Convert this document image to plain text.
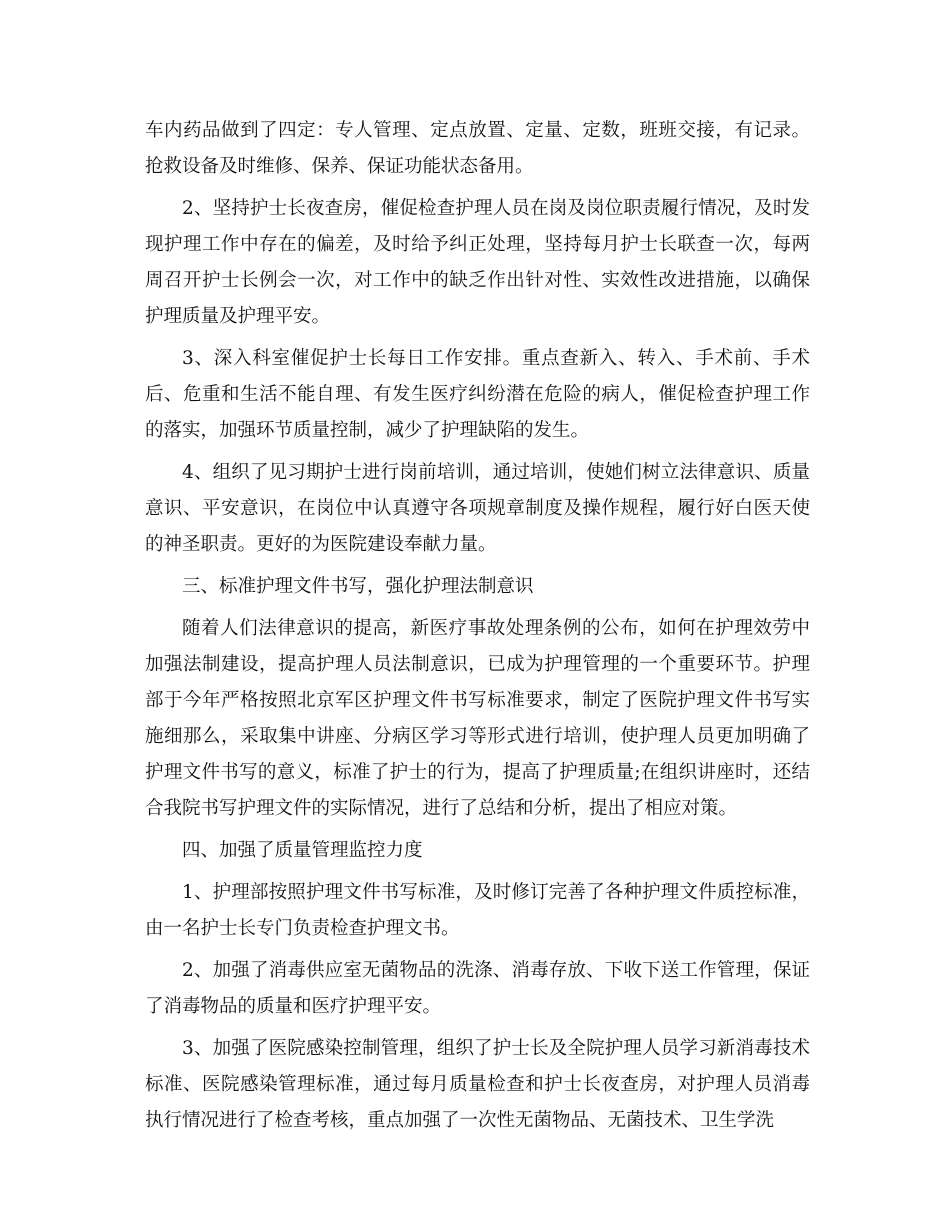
车内药品做到了四定：专人管理、定点放置、定量、定数，班班交接，有记录。抢救设备及时维修、保养、保证功能状态备用。

2、坚持护士长夜查房，催促检查护理人员在岗及岗位职责履行情况，及时发现护理工作中存在的偏差，及时给予纠正处理，坚持每月护士长联查一次，每两周召开护士长例会一次，对工作中的缺乏作出针对性、实效性改进措施，以确保护理质量及护理平安。

3、深入科室催促护士长每日工作安排。重点查新入、转入、手术前、手术后、危重和生活不能自理、有发生医疗纠纷潜在危险的病人，催促检查护理工作的落实，加强环节质量控制，减少了护理缺陷的发生。

4、组织了见习期护士进行岗前培训，通过培训，使她们树立法律意识、质量意识、平安意识，在岗位中认真遵守各项规章制度及操作规程，履行好白医天使的神圣职责。更好的为医院建设奉献力量。

三、标准护理文件书写，强化护理法制意识

随着人们法律意识的提高，新医疗事故处理条例的公布，如何在护理效劳中加强法制建设，提高护理人员法制意识，已成为护理管理的一个重要环节。护理部于今年严格按照北京军区护理文件书写标准要求，制定了医院护理文件书写实施细那么，采取集中讲座、分病区学习等形式进行培训，使护理人员更加明确了护理文件书写的意义，标准了护士的行为，提高了护理质量;在组织讲座时，还结合我院书写护理文件的实际情况，进行了总结和分析，提出了相应对策。

四、加强了质量管理监控力度

1、护理部按照护理文件书写标准，及时修订完善了各种护理文件质控标准，由一名护士长专门负责检查护理文书。

2、加强了消毒供应室无菌物品的洗涤、消毒存放、下收下送工作管理，保证了消毒物品的质量和医疗护理平安。

3、加强了医院感染控制管理，组织了护士长及全院护理人员学习新消毒技术标准、医院感染管理标准，通过每月质量检查和护士长夜查房，对护理人员消毒执行情况进行了检查考核，重点加强了一次性无菌物品、无菌技术、卫生学洗
